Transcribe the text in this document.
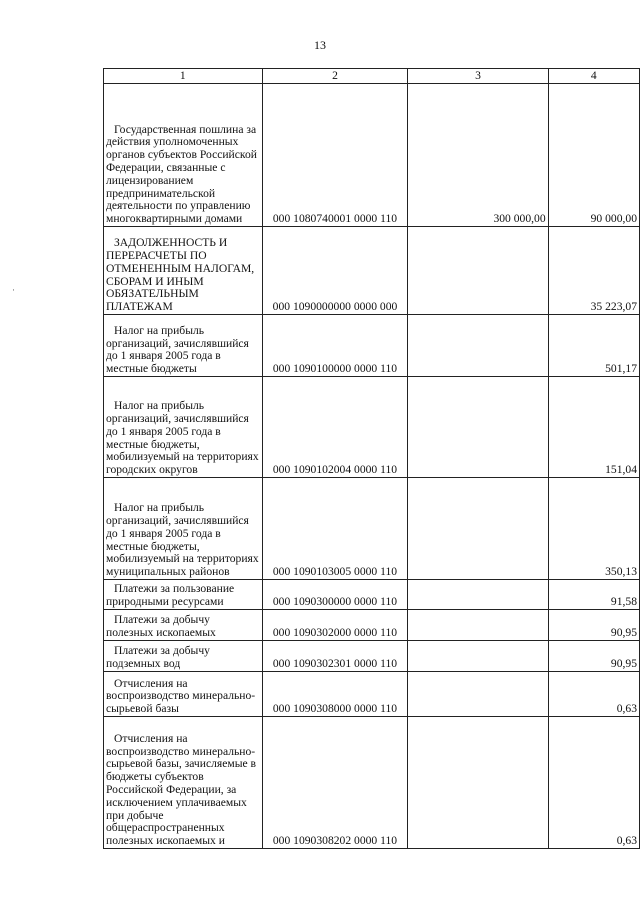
13
·
1	2	3	4

Государственная пошлина за действия уполномоченных органов субъектов Российской Федерации, связанные с лицензированием предпринимательской деятельности по управлению многоквартирными домами	000 1080740001 0000 110	300 000,00	90 000,00

ЗАДОЛЖЕННОСТЬ И ПЕРЕРАСЧЕТЫ ПО ОТМЕНЕННЫМ НАЛОГАМ, СБОРАМ И ИНЫМ ОБЯЗАТЕЛЬНЫМ ПЛАТЕЖАМ	000 1090000000 0000 000		35 223,07

Налог на прибыль организаций, зачислявшийся до 1 января 2005 года в местные бюджеты	000 1090100000 0000 110		501,17

Налог на прибыль организаций, зачислявшийся до 1 января 2005 года в местные бюджеты, мобилизуемый на территориях городских округов	000 1090102004 0000 110		151,04

Налог на прибыль организаций, зачислявшийся до 1 января 2005 года в местные бюджеты, мобилизуемый на территориях муниципальных районов	000 1090103005 0000 110		350,13

Платежи за пользование природными ресурсами	000 1090300000 0000 110		91,58

Платежи за добычу полезных ископаемых	000 1090302000 0000 110		90,95

Платежи за добычу подземных вод	000 1090302301 0000 110		90,95

Отчисления на воспроизводство минерально-сырьевой базы	000 1090308000 0000 110		0,63

Отчисления на воспроизводство минерально-сырьевой базы, зачисляемые в бюджеты субъектов Российской Федерации, за исключением уплачиваемых при добыче общераспространенных полезных ископаемых и	000 1090308202 0000 110		0,63
